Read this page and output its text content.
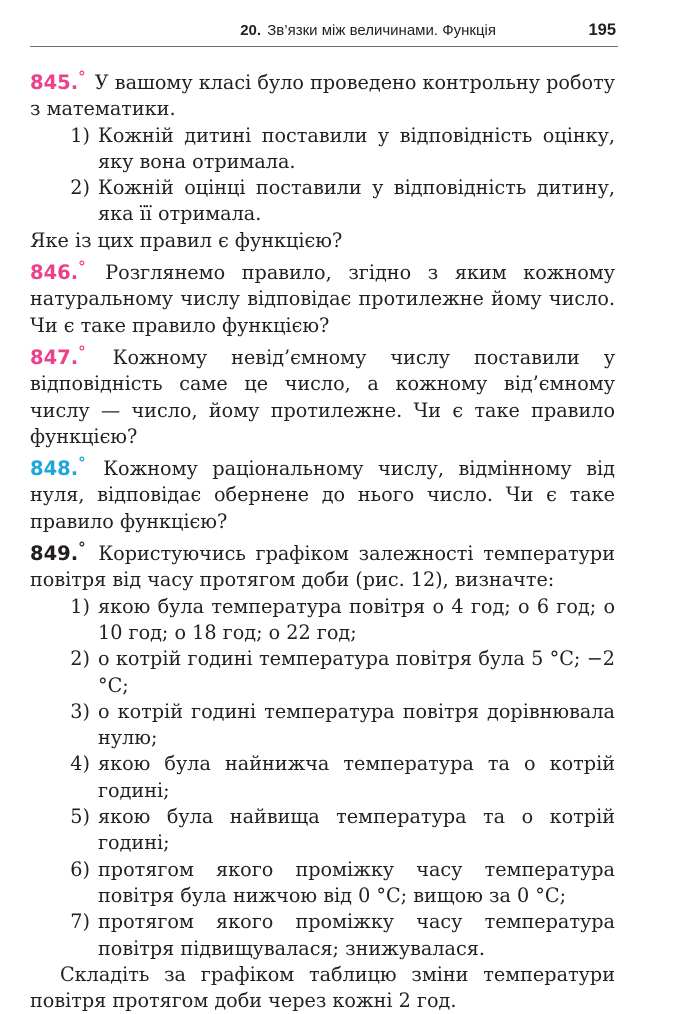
20. Зв’язки між величинами. Функція	195

845.° У вашому класі було проведено контрольну роботу з математики.

1) Кожній дитині поставили у відповідність оцінку, яку вона отримала.
2) Кожній оцінці поставили у відповідність дитину, яка її отримала.

Яке із цих правил є функцією?

846.° Розглянемо правило, згідно з яким кожному натуральному числу відповідає протилежне йому число. Чи є таке правило функцією?

847.° Кожному невід’ємному числу поставили у відповідність саме це число, а кожному від’ємному числу — число, йому протилежне. Чи є таке правило функцією?

848.° Кожному раціональному числу, відмінному від нуля, відповідає обернене до нього число. Чи є таке правило функцією?

849.° Користуючись графіком залежності температури повітря від часу протягом доби (рис. 12), визначте:

1) якою була температура повітря о 4 год; о 6 год; о 10 год; о 18 год; о 22 год;
2) о котрій годині температура повітря була 5 °С; −2 °С;
3) о котрій годині температура повітря дорівнювала нулю;
4) якою була найнижча температура та о котрій годині;
5) якою була найвища температура та о котрій годині;
6) протягом якого проміжку часу температура повітря була нижчою від 0 °С; вищою за 0 °С;
7) протягом якого проміжку часу температура повітря підвищувалася; знижувалася.

Складіть за графіком таблицю зміни температури повітря протягом доби через кожні 2 год.
